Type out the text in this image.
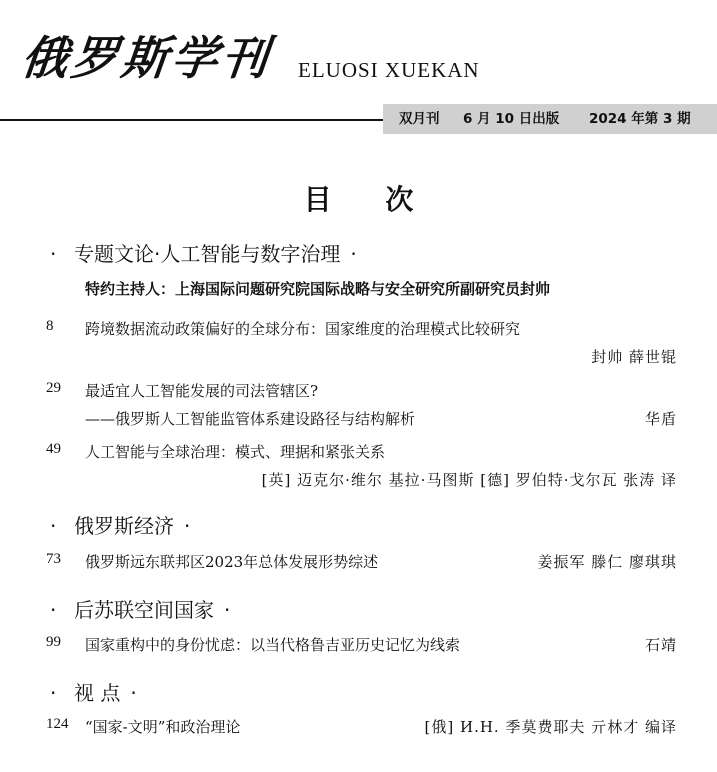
俄罗斯学刊 ELUOSI XUEKAN
双月刊 6 月 10 日出版 2024 年第 3 期
目 次
· 专题文论·人工智能与数字治理 ·
特约主持人：上海国际问题研究院国际战略与安全研究所副研究员封帅
8 跨境数据流动政策偏好的全球分布：国家维度的治理模式比较研究
封帅 薛世锟
29 最适宜人工智能发展的司法管辖区?
——俄罗斯人工智能监管体系建设路径与结构解析	华盾
49 人工智能与全球治理：模式、理据和紧张关系
[英] 迈克尔·维尔 基拉·马图斯 [德] 罗伯特·戈尔瓦 张涛 译
· 俄罗斯经济 ·
73 俄罗斯远东联邦区2023年总体发展形势综述	姜振军 滕仁 廖琪琪
· 后苏联空间国家 ·
99 国家重构中的身份忧虑：以当代格鲁吉亚历史记忆为线索	石靖
· 视 点 ·
124 “国家-文明”和政治理论	[俄] И.Н. 季莫费耶夫 亓林才 编译
